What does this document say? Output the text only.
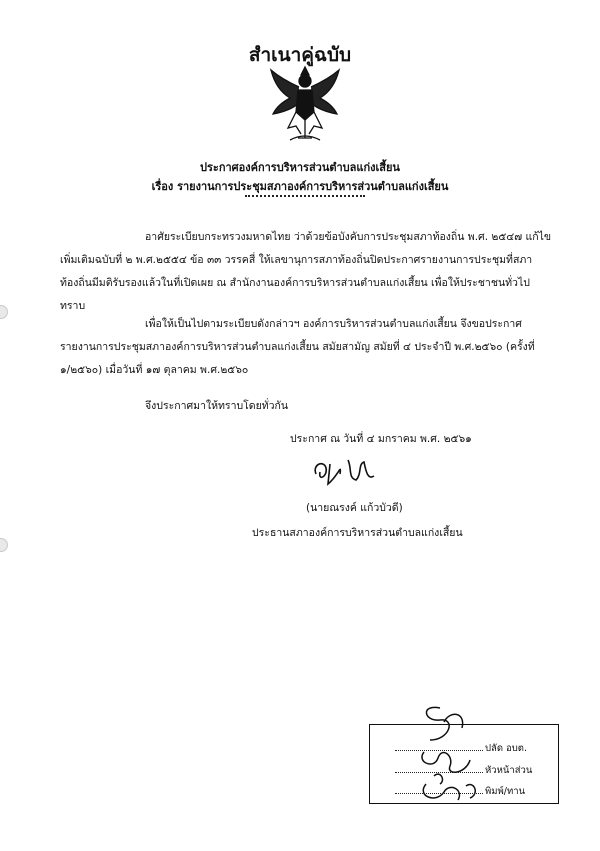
สำเนาคู่ฉบับ
ประกาศองค์การบริหารส่วนตำบลแก่งเสี้ยน
เรื่อง รายงานการประชุมสภาองค์การบริหารส่วนตำบลแก่งเสี้ยน
อาศัยระเบียบกระทรวงมหาดไทย ว่าด้วยข้อบังคับการประชุมสภาท้องถิ่น พ.ศ. ๒๕๔๗ แก้ไข
เพิ่มเติมฉบับที่ ๒ พ.ศ.๒๕๕๔ ข้อ ๓๓ วรรคสี่ ให้เลขานุการสภาท้องถิ่นปิดประกาศรายงานการประชุมที่สภา
ท้องถิ่นมีมติรับรองแล้วในที่เปิดเผย ณ สำนักงานองค์การบริหารส่วนตำบลแก่งเสี้ยน เพื่อให้ประชาชนทั่วไป
ทราบ
เพื่อให้เป็นไปตามระเบียบดังกล่าวฯ องค์การบริหารส่วนตำบลแก่งเสี้ยน จึงขอประกาศ
รายงานการประชุมสภาองค์การบริหารส่วนตำบลแก่งเสี้ยน สมัยสามัญ สมัยที่ ๔ ประจำปี พ.ศ.๒๕๖๐ (ครั้งที่
๑/๒๕๖๐) เมื่อวันที่ ๑๗ ตุลาคม พ.ศ.๒๕๖๐
จึงประกาศมาให้ทราบโดยทั่วกัน
ประกาศ ณ วันที่ ๔ มกราคม พ.ศ. ๒๕๖๑
(นายณรงค์ แก้วบัวดี)
ประธานสภาองค์การบริหารส่วนตำบลแก่งเสี้ยน
ปลัด อบต.
หัวหน้าส่วน
พิมพ์/ทาน
